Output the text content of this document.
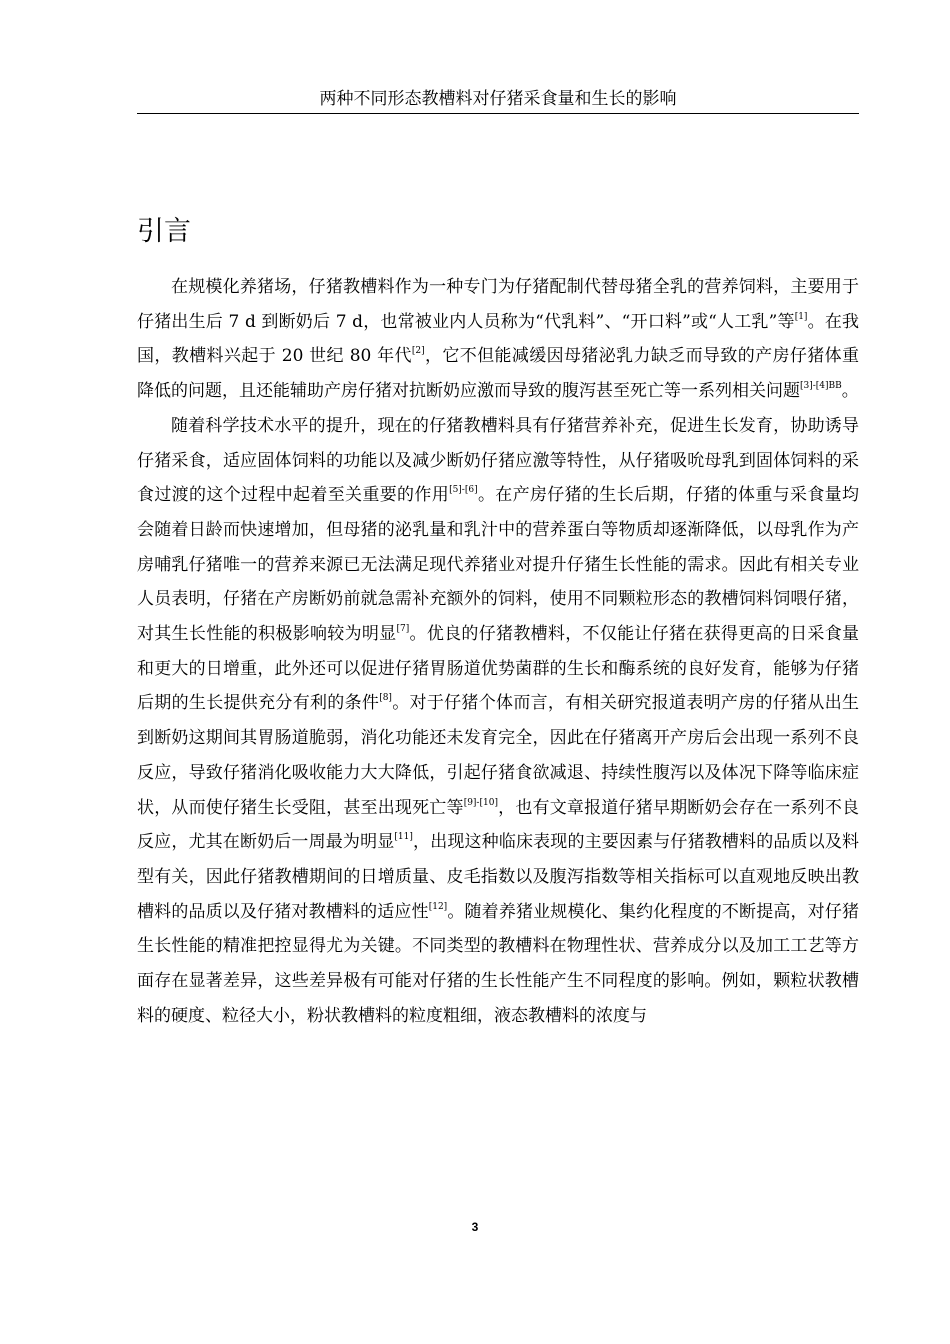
两种不同形态教槽料对仔猪采食量和生长的影响
引言

在规模化养猪场，仔猪教槽料作为一种专门为仔猪配制代替母猪全乳的营养饲料，主要用于仔猪出生后 7 d 到断奶后 7 d，也常被业内人员称为“代乳料”、“开口料”或“人工乳”等[1]。在我国，教槽料兴起于 20 世纪 80 年代[2]，它不但能减缓因母猪泌乳力缺乏而导致的产房仔猪体重降低的问题，且还能辅助产房仔猪对抗断奶应激而导致的腹泻甚至死亡等一系列相关问题$^{[3]-[4]BB}$。

随着科学技术水平的提升，现在的仔猪教槽料具有仔猪营养补充，促进生长发育，协助诱导仔猪采食，适应固体饲料的功能以及减少断奶仔猪应激等特性，从仔猪吸吮母乳到固体饲料的采食过渡的这个过程中起着至关重要的作用[5]-[6]。在产房仔猪的生长后期，仔猪的体重与采食量均会随着日龄而快速增加，但母猪的泌乳量和乳汁中的营养蛋白等物质却逐渐降低，以母乳作为产房哺乳仔猪唯一的营养来源已无法满足现代养猪业对提升仔猪生长性能的需求。因此有相关专业人员表明，仔猪在产房断奶前就急需补充额外的饲料，使用不同颗粒形态的教槽饲料饲喂仔猪，对其生长性能的积极影响较为明显[7]。优良的仔猪教槽料，不仅能让仔猪在获得更高的日采食量和更大的日增重，此外还可以促进仔猪胃肠道优势菌群的生长和酶系统的良好发育，能够为仔猪后期的生长提供充分有利的条件[8]。对于仔猪个体而言，有相关研究报道表明产房的仔猪从出生到断奶这期间其胃肠道脆弱，消化功能还未发育完全，因此在仔猪离开产房后会出现一系列不良反应，导致仔猪消化吸收能力大大降低，引起仔猪食欲减退、持续性腹泻以及体况下降等临床症状，从而使仔猪生长受阻，甚至出现死亡等[9]-[10]，也有文章报道仔猪早期断奶会存在一系列不良反应，尤其在断奶后一周最为明显[11]，出现这种临床表现的主要因素与仔猪教槽料的品质以及料型有关，因此仔猪教槽期间的日增质量、皮毛指数以及腹泻指数等相关指标可以直观地反映出教槽料的品质以及仔猪对教槽料的适应性[12]。随着养猪业规模化、集约化程度的不断提高，对仔猪生长性能的精准把控显得尤为关键。不同类型的教槽料在物理性状、营养成分以及加工工艺等方面存在显著差异，这些差异极有可能对仔猪的生长性能产生不同程度的影响。例如，颗粒状教槽料的硬度、粒径大小，粉状教槽料的粒度粗细，液态教槽料的浓度与

3
